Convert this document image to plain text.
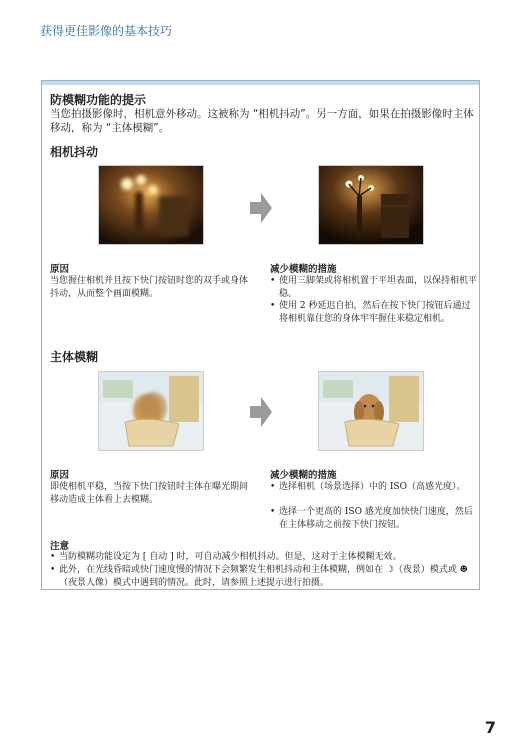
获得更佳影像的基本技巧
防模糊功能的提示
当您拍摄影像时，相机意外移动。这被称为 “相机抖动”。另一方面，如果在拍摄影像时主体移动，称为 “主体模糊”。
相机抖动
原因
当您握住相机并且按下快门按钮时您的双手或身体抖动，从而整个画面模糊。
减少模糊的措施
• 使用三脚架或将相机置于平坦表面，以保持相机平稳。
• 使用 2 秒延迟自拍，然后在按下快门按钮后通过将相机靠住您的身体牢牢握住来稳定相机。
主体模糊
原因
即使相机平稳，当按下快门按钮时主体在曝光期间移动造成主体看上去模糊。
减少模糊的措施
• 选择相机（场景选择）中的 ISO（高感光度）。
• 选择一个更高的 ISO 感光度加快快门速度，然后在主体移动之前按下快门按钮。
注意
• 当防模糊功能设定为 [ 自动 ] 时，可自动减少相机抖动。但是，这对于主体模糊无效。
• 此外，在光线昏暗或快门速度慢的情况下会频繁发生相机抖动和主体模糊，例如在 ☽（夜景）模式或 ☻（夜景人像）模式中遇到的情况。此时，请参照上述提示进行拍摄。
7
